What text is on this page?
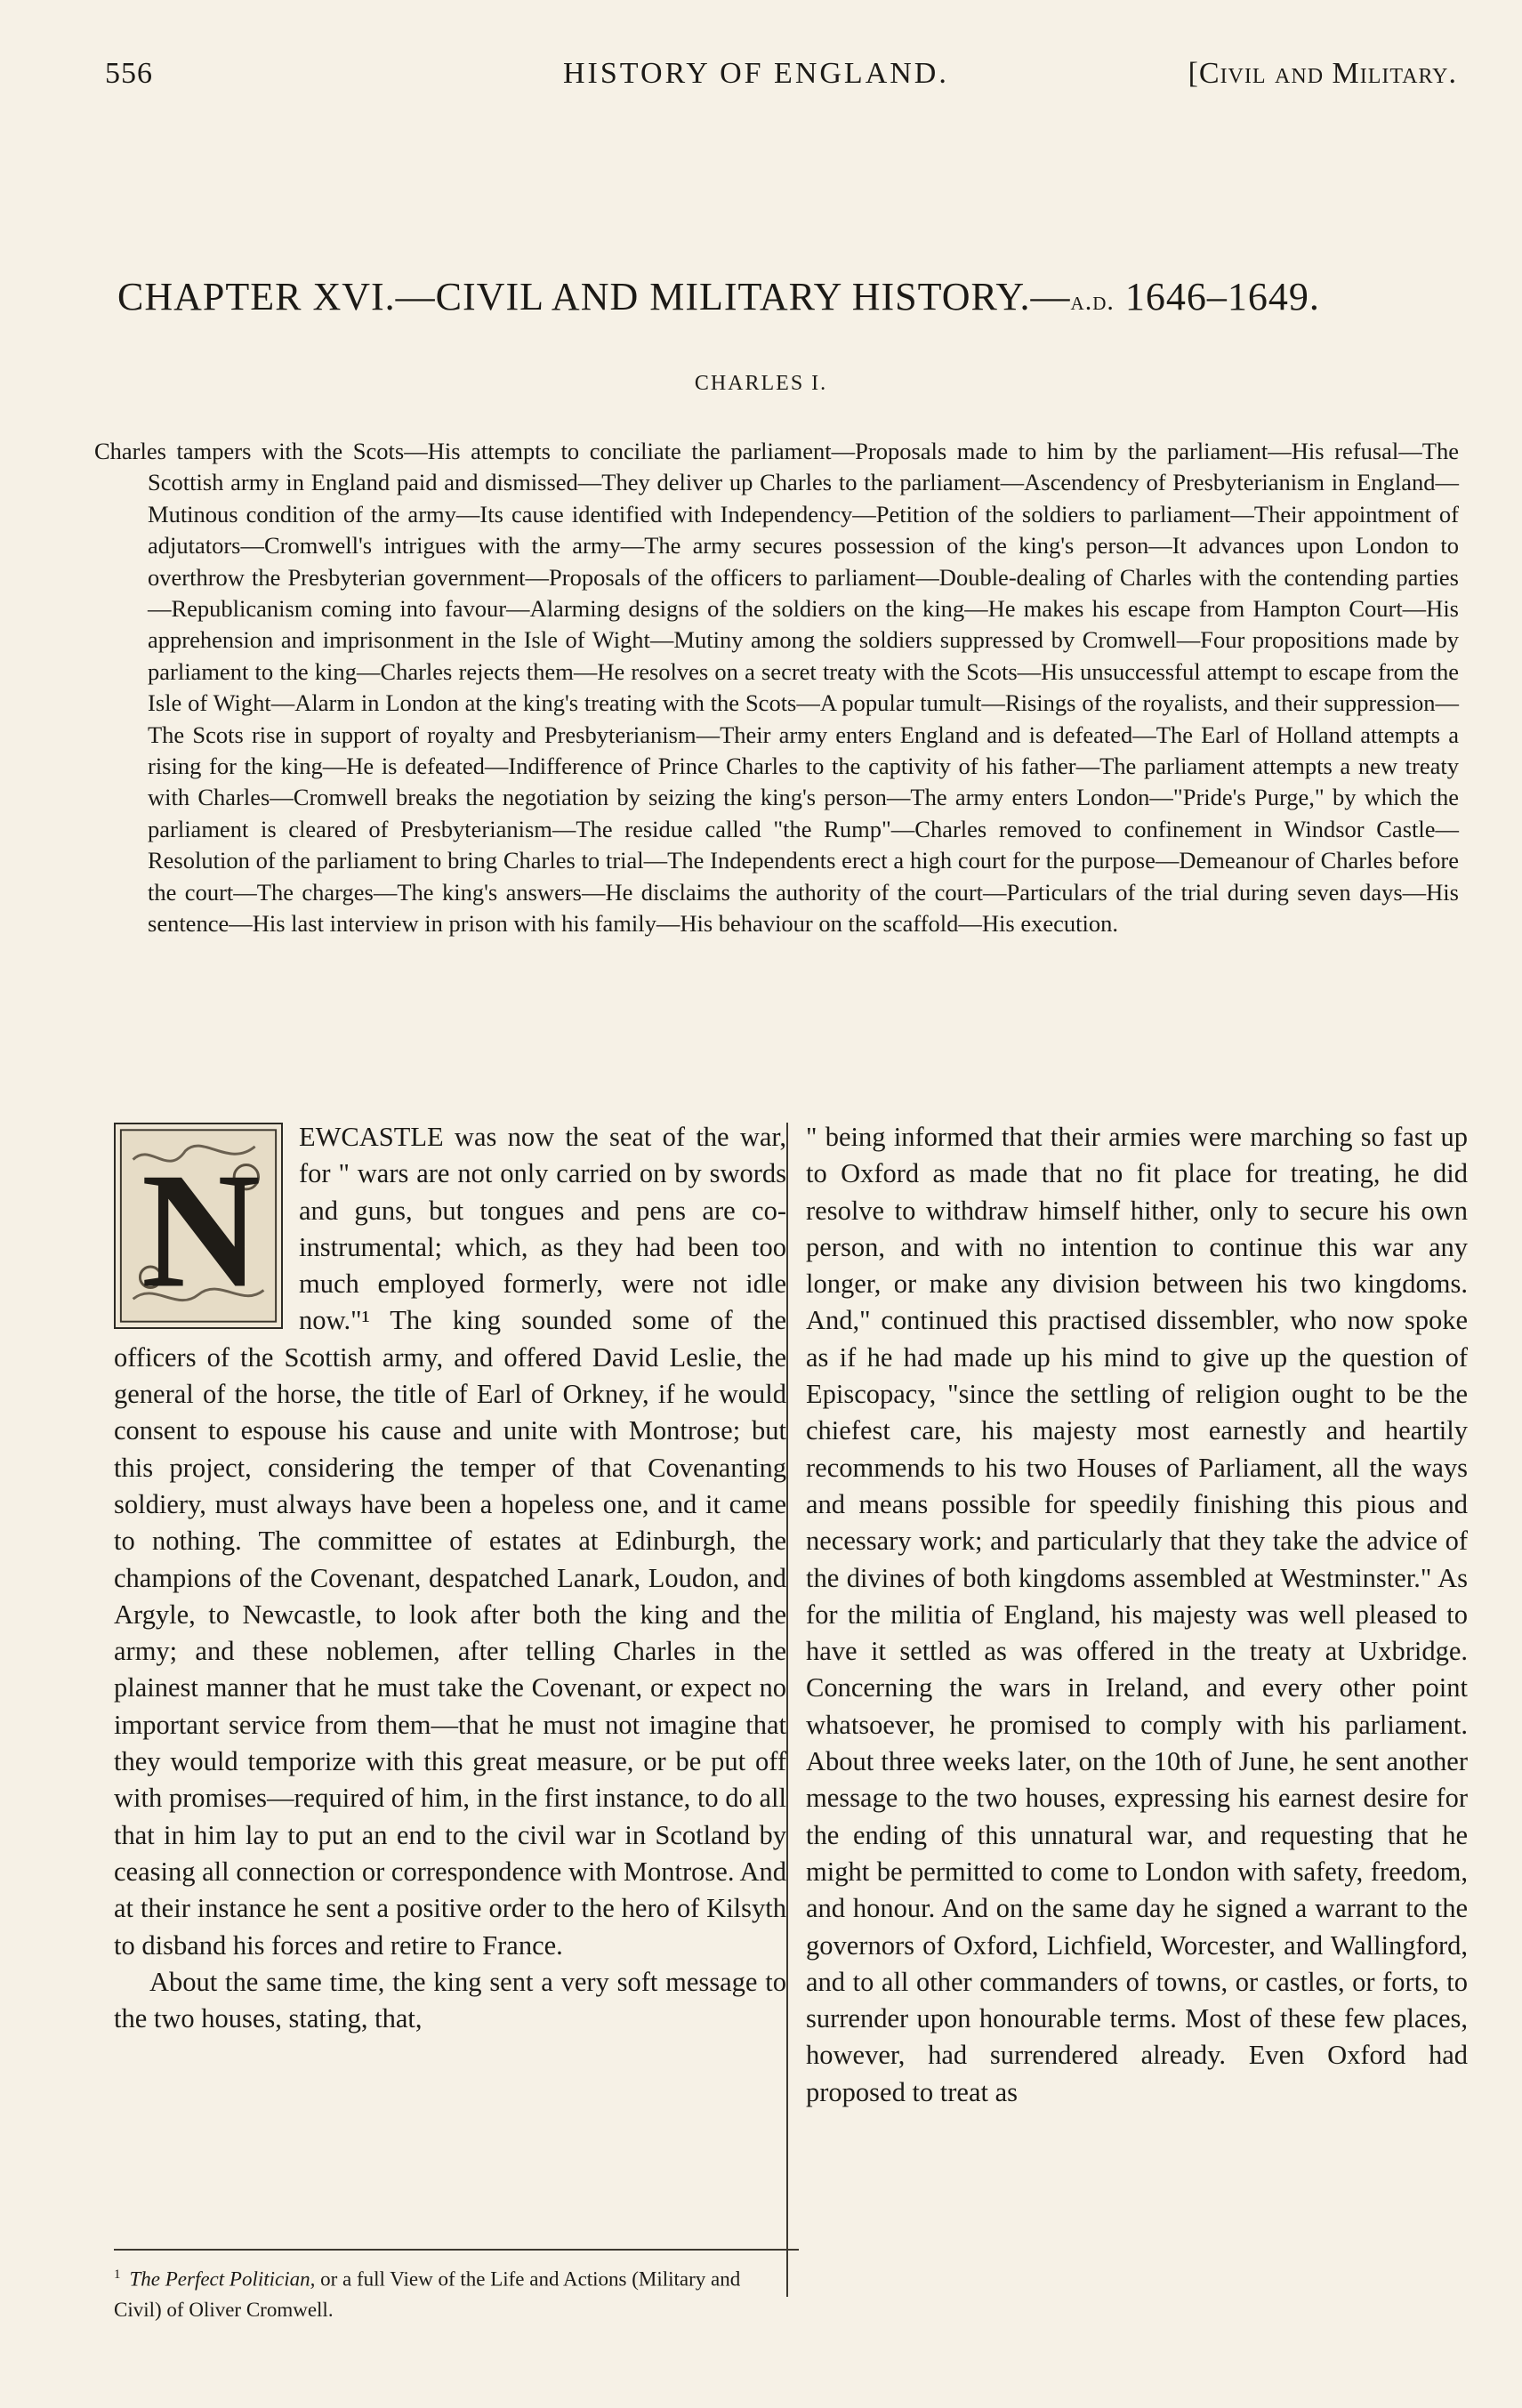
556	HISTORY OF ENGLAND.	[Civil and Military.
CHAPTER XVI.—CIVIL AND MILITARY HISTORY.—a.d. 1646–1649.
CHARLES I.
Charles tampers with the Scots—His attempts to conciliate the parliament—Proposals made to him by the parliament—His refusal—The Scottish army in England paid and dismissed—They deliver up Charles to the parliament—Ascendency of Presbyterianism in England—Mutinous condition of the army—Its cause identified with Independency—Petition of the soldiers to parliament—Their appointment of adjutators—Cromwell's intrigues with the army—The army secures possession of the king's person—It advances upon London to overthrow the Presbyterian government—Proposals of the officers to parliament—Double-dealing of Charles with the contending parties—Republicanism coming into favour—Alarming designs of the soldiers on the king—He makes his escape from Hampton Court—His apprehension and imprisonment in the Isle of Wight—Mutiny among the soldiers suppressed by Cromwell—Four propositions made by parliament to the king—Charles rejects them—He resolves on a secret treaty with the Scots—His unsuccessful attempt to escape from the Isle of Wight—Alarm in London at the king's treating with the Scots—A popular tumult—Risings of the royalists, and their suppression—The Scots rise in support of royalty and Presbyterianism—Their army enters England and is defeated—The Earl of Holland attempts a rising for the king—He is defeated—Indifference of Prince Charles to the captivity of his father—The parliament attempts a new treaty with Charles—Cromwell breaks the negotiation by seizing the king's person—The army enters London—"Pride's Purge," by which the parliament is cleared of Presbyterianism—The residue called "the Rump"—Charles removed to confinement in Windsor Castle—Resolution of the parliament to bring Charles to trial—The Independents erect a high court for the purpose—Demeanour of Charles before the court—The charges—The king's answers—He disclaims the authority of the court—Particulars of the trial during seven days—His sentence—His last interview in prison with his family—His behaviour on the scaffold—His execution.
N

EWCASTLE was now the seat of the war, for " wars are not only carried on by swords and guns, but tongues and pens are co-instrumental; which, as they had been too much employed formerly, were not idle now."¹ The king sounded some of the officers of the Scottish army, and offered David Leslie, the general of the horse, the title of Earl of Orkney, if he would consent to espouse his cause and unite with Montrose; but this project, considering the temper of that Covenanting soldiery, must always have been a hopeless one, and it came to nothing. The committee of estates at Edinburgh, the champions of the Covenant, despatched Lanark, Loudon, and Argyle, to Newcastle, to look after both the king and the army; and these noblemen, after telling Charles in the plainest manner that he must take the Covenant, or expect no important service from them—that he must not imagine that they would temporize with this great measure, or be put off with promises—required of him, in the first instance, to do all that in him lay to put an end to the civil war in Scotland by ceasing all connection or correspondence with Montrose. And at their instance he sent a positive order to the hero of Kilsyth to disband his forces and retire to France.

About the same time, the king sent a very soft message to the two houses, stating, that,

" being informed that their armies were marching so fast up to Oxford as made that no fit place for treating, he did resolve to withdraw himself hither, only to secure his own person, and with no intention to continue this war any longer, or make any division between his two kingdoms. And," continued this practised dissembler, who now spoke as if he had made up his mind to give up the question of Episcopacy, "since the settling of religion ought to be the chiefest care, his majesty most earnestly and heartily recommends to his two Houses of Parliament, all the ways and means possible for speedily finishing this pious and necessary work; and particularly that they take the advice of the divines of both kingdoms assembled at Westminster." As for the militia of England, his majesty was well pleased to have it settled as was offered in the treaty at Uxbridge. Concerning the wars in Ireland, and every other point whatsoever, he promised to comply with his parliament. About three weeks later, on the 10th of June, he sent another message to the two houses, expressing his earnest desire for the ending of this unnatural war, and requesting that he might be permitted to come to London with safety, freedom, and honour. And on the same day he signed a warrant to the governors of Oxford, Lichfield, Worcester, and Wallingford, and to all other commanders of towns, or castles, or forts, to surrender upon honourable terms. Most of these few places, however, had surrendered already. Even Oxford had proposed to treat as

$^1$ The Perfect Politician, or a full View of the Life and Actions (Military and Civil) of Oliver Cromwell.
